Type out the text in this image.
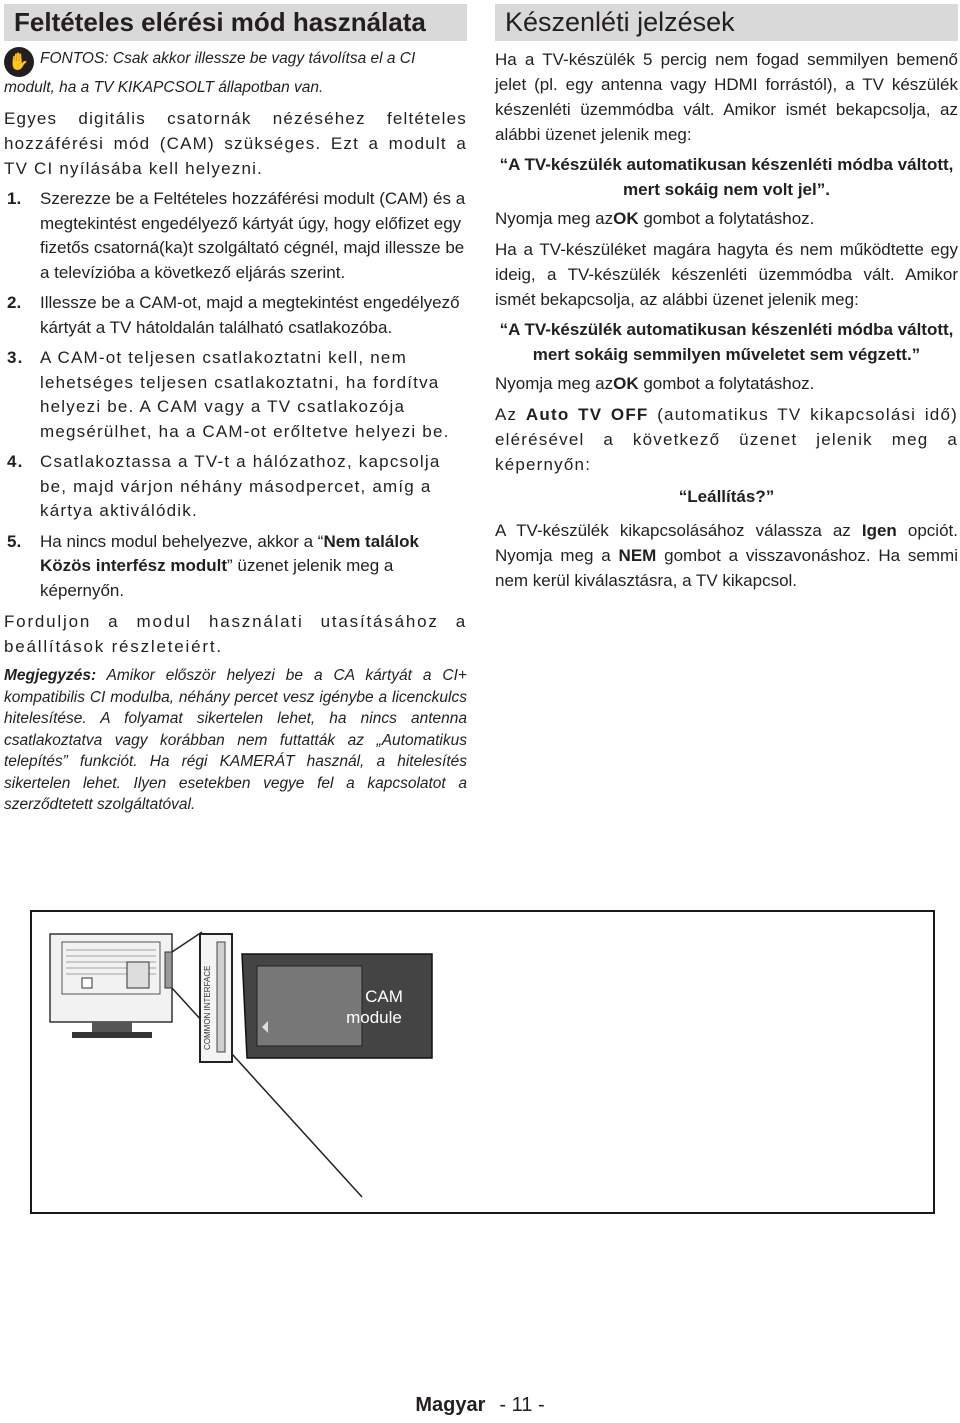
Feltételes elérési mód használata

✋ FONTOS: Csak akkor illessze be vagy távolítsa el a CI modult, ha a TV KIKAPCSOLT állapotban van.

Egyes digitális csatornák nézéséhez feltételes hozzáférési mód (CAM) szükséges. Ezt a modult a TV CI nyílásába kell helyezni.

1. Szerezze be a Feltételes hozzáférési modult (CAM) és a megtekintést engedélyező kártyát úgy, hogy előfizet egy fizetős csatorná(ka)t szolgáltató cégnél, majd illessze be a televízióba a következő eljárás szerint.
2. Illessze be a CAM-ot, majd a megtekintést engedélyező kártyát a TV hátoldalán található csatlakozóba.
3. A CAM-ot teljesen csatlakoztatni kell, nem lehetséges teljesen csatlakoztatni, ha fordítva helyezi be. A CAM vagy a TV csatlakozója megsérülhet, ha a CAM-ot erőltetve helyezi be.
4. Csatlakoztassa a TV-t a hálózathoz, kapcsolja be, majd várjon néhány másodpercet, amíg a kártya aktiválódik.
5. Ha nincs modul behelyezve, akkor a “Nem találok Közös interfész modult” üzenet jelenik meg a képernyőn.

Forduljon a modul használati utasításához a beállítások részleteiért.

Megjegyzés: Amikor először helyezi be a CA kártyát a CI+ kompatibilis CI modulba, néhány percet vesz igénybe a licenckulcs hitelesítése. A folyamat sikertelen lehet, ha nincs antenna csatlakoztatva vagy korábban nem futtatták az „Automatikus telepítés” funkciót. Ha régi KAMERÁT használ, a hitelesítés sikertelen lehet. Ilyen esetekben vegye fel a kapcsolatot a szerződtetett szolgáltatóval.

Készenléti jelzések

Ha a TV-készülék 5 percig nem fogad semmilyen bemenő jelet (pl. egy antenna vagy HDMI forrástól), a TV készülék készenléti üzemmódba vált. Amikor ismét bekapcsolja, az alábbi üzenet jelenik meg:

“A TV-készülék automatikusan készenléti módba váltott, mert sokáig nem volt jel”.

Nyomja meg azOK gombot a folytatáshoz.

Ha a TV-készüléket magára hagyta és nem működtette egy ideig, a TV-készülék készenléti üzemmódba vált. Amikor ismét bekapcsolja, az alábbi üzenet jelenik meg:

“A TV-készülék automatikusan készenléti módba váltott, mert sokáig semmilyen műveletet sem végzett.”

Nyomja meg azOK gombot a folytatáshoz.

Az Auto TV OFF (automatikus TV kikapcsolási idő) elérésével a következő üzenet jelenik meg a képernyőn:

“Leállítás?”

A TV-készülék kikapcsolásához válassza az Igen opciót. Nyomja meg a NEM gombot a visszavonáshoz. Ha semmi nem kerül kiválasztásra, a TV kikapcsol.

COMMON INTERFACE	CAM
module
Magyar - 11 -
